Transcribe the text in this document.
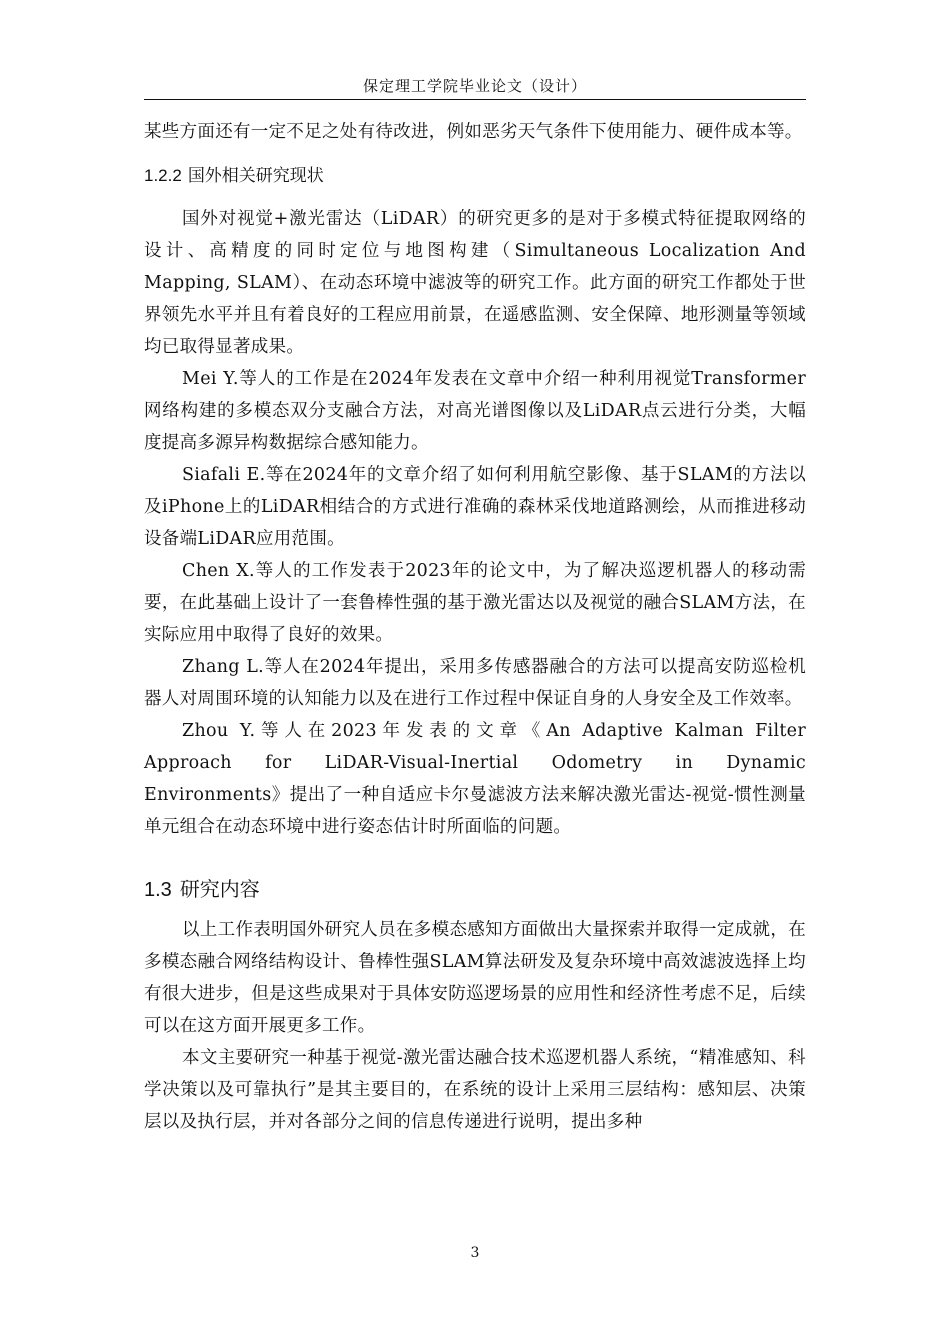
保定理工学院毕业论文（设计）

某些方面还有一定不足之处有待改进，例如恶劣天气条件下使用能力、硬件成本等。

1.2.2 国外相关研究现状

国外对视觉+激光雷达（LiDAR）的研究更多的是对于多模式特征提取网络的设计、高精度的同时定位与地图构建（Simultaneous Localization And Mapping, SLAM）、在动态环境中滤波等的研究工作。此方面的研究工作都处于世界领先水平并且有着良好的工程应用前景，在遥感监测、安全保障、地形测量等领域均已取得显著成果。

Mei Y.等人的工作是在2024年发表在文章中介绍一种利用视觉Transformer网络构建的多模态双分支融合方法，对高光谱图像以及LiDAR点云进行分类，大幅度提高多源异构数据综合感知能力。

Siafali E.等在2024年的文章介绍了如何利用航空影像、基于SLAM的方法以及iPhone上的LiDAR相结合的方式进行准确的森林采伐地道路测绘，从而推进移动设备端LiDAR应用范围。

Chen X.等人的工作发表于2023年的论文中，为了解决巡逻机器人的移动需要，在此基础上设计了一套鲁棒性强的基于激光雷达以及视觉的融合SLAM方法，在实际应用中取得了良好的效果。

Zhang L.等人在2024年提出，采用多传感器融合的方法可以提高安防巡检机器人对周围环境的认知能力以及在进行工作过程中保证自身的人身安全及工作效率。

Zhou Y.等人在2023年发表的文章《An Adaptive Kalman Filter Approach for LiDAR-Visual-Inertial Odometry in Dynamic Environments》提出了一种自适应卡尔曼滤波方法来解决激光雷达-视觉-惯性测量单元组合在动态环境中进行姿态估计时所面临的问题。

1.3 研究内容

以上工作表明国外研究人员在多模态感知方面做出大量探索并取得一定成就，在多模态融合网络结构设计、鲁棒性强SLAM算法研发及复杂环境中高效滤波选择上均有很大进步，但是这些成果对于具体安防巡逻场景的应用性和经济性考虑不足，后续可以在这方面开展更多工作。

本文主要研究一种基于视觉-激光雷达融合技术巡逻机器人系统，“精准感知、科学决策以及可靠执行”是其主要目的，在系统的设计上采用三层结构：感知层、决策层以及执行层，并对各部分之间的信息传递进行说明，提出多种

3
